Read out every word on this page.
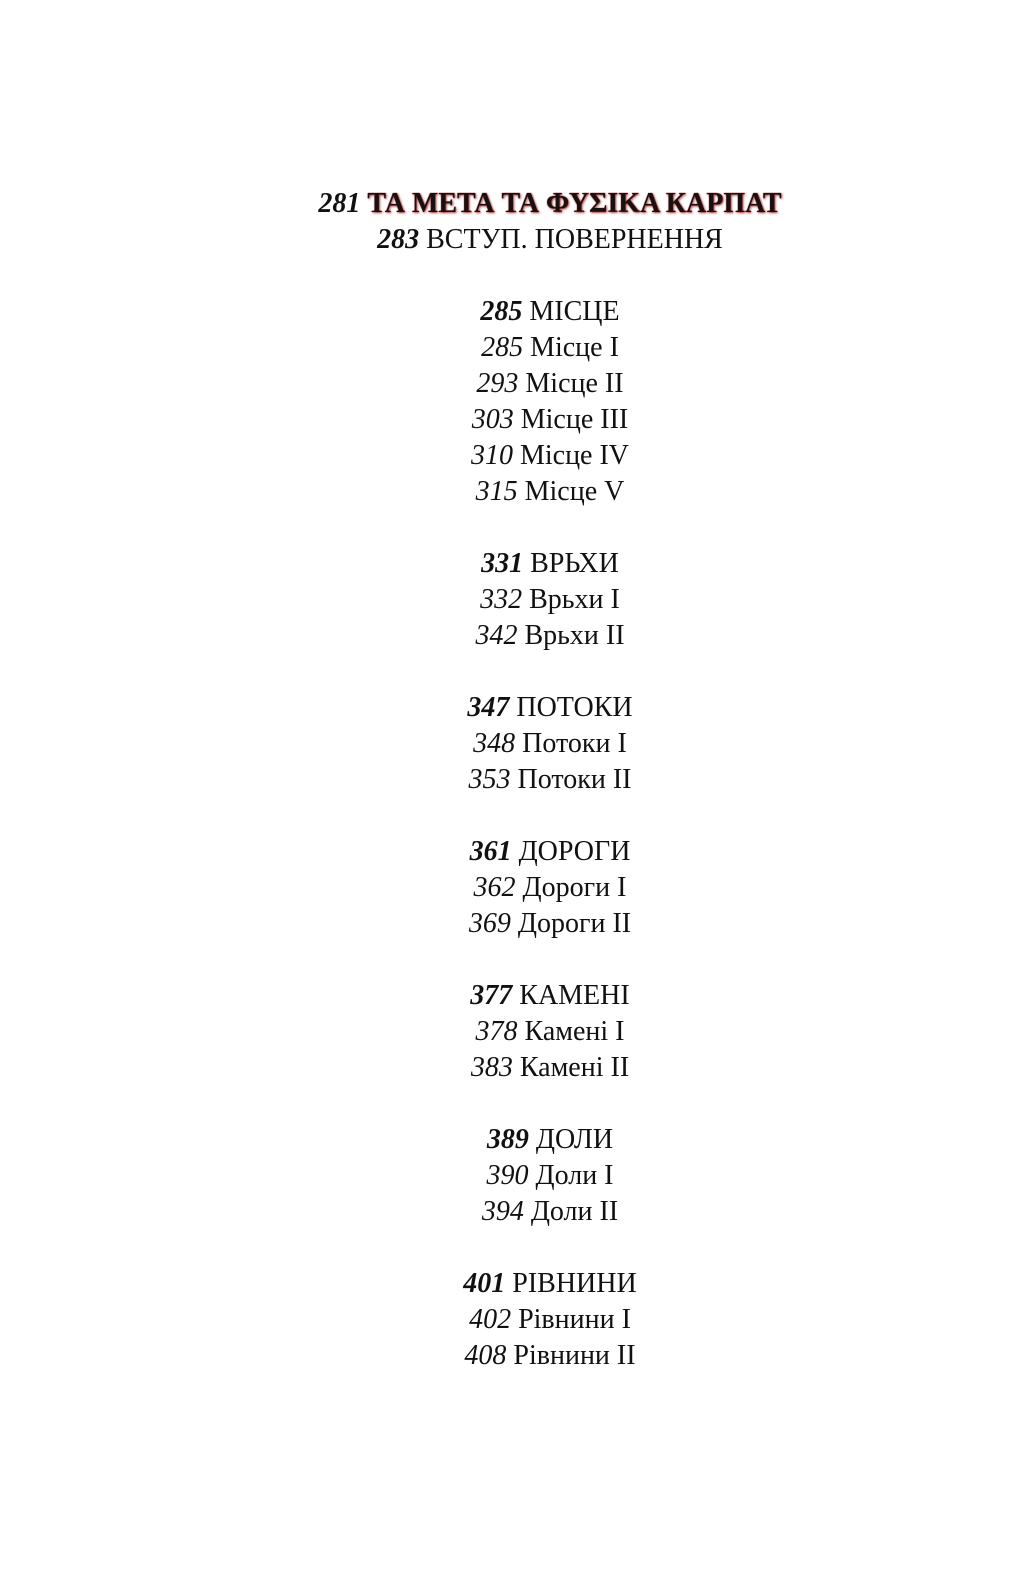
281 ТА МЕТА ТА ΦΥΣΙΚΑ КАРПАТ
283 ВСТУП. ПОВЕРНЕННЯ
285 МІСЦЕ
285 Місце I
293 Місце II
303 Місце III
310 Місце IV
315 Місце V
331 ВРЬХИ
332 Врьхи I
342 Врьхи II
347 ПОТОКИ
348 Потоки I
353 Потоки II
361 ДОРОГИ
362 Дороги I
369 Дороги II
377 КАМЕНІ
378 Камені I
383 Камені II
389 ДОЛИ
390 Доли I
394 Доли II
401 РІВНИНИ
402 Рівнини I
408 Рівнини II
